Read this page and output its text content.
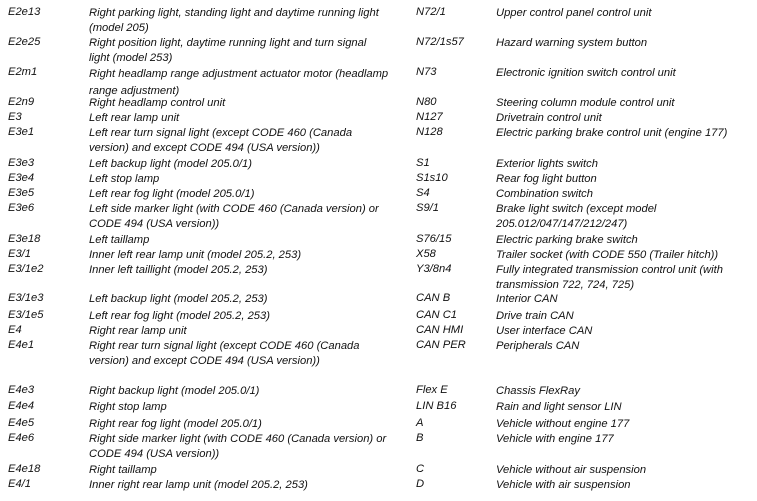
E2e13	Right parking light, standing light and daytime running light (model 205)
E2e25	Right position light, daytime running light and turn signal light (model 253)
E2m1	Right headlamp range adjustment actuator motor (headlamp range adjustment)
E2n9	Right headlamp control unit
E3	Left rear lamp unit
E3e1	Left rear turn signal light (except CODE 460 (Canada version) and except CODE 494 (USA version))
E3e3	Left backup light (model 205.0/1)
E3e4	Left stop lamp
E3e5	Left rear fog light (model 205.0/1)
E3e6	Left side marker light (with CODE 460 (Canada version) or CODE 494 (USA version))
E3e18	Left taillamp
E3/1	Inner left rear lamp unit (model 205.2, 253)
E3/1e2	Inner left taillight (model 205.2, 253)
E3/1e3	Left backup light (model 205.2, 253)
E3/1e5	Left rear fog light (model 205.2, 253)
E4	Right rear lamp unit
E4e1	Right rear turn signal light (except CODE 460 (Canada version) and except CODE 494 (USA version))
E4e3	Right backup light (model 205.0/1)
E4e4	Right stop lamp
E4e5	Right rear fog light (model 205.0/1)
E4e6	Right side marker light (with CODE 460 (Canada version) or CODE 494 (USA version))
E4e18	Right taillamp
E4/1	Inner right rear lamp unit (model 205.2, 253)
N72/1	Upper control panel control unit
N72/1s57	Hazard warning system button
N73	Electronic ignition switch control unit
N80	Steering column module control unit
N127	Drivetrain control unit
N128	Electric parking brake control unit (engine 177)
S1	Exterior lights switch
S1s10	Rear fog light button
S4	Combination switch
S9/1	Brake light switch (except model 205.012/047/147/212/247)
S76/15	Electric parking brake switch
X58	Trailer socket (with CODE 550 (Trailer hitch))
Y3/8n4	Fully integrated transmission control unit (with transmission 722, 724, 725)
CAN B	Interior CAN
CAN C1	Drive train CAN
CAN HMI	User interface CAN
CAN PER	Peripherals CAN
Flex E	Chassis FlexRay
LIN B16	Rain and light sensor LIN
A	Vehicle without engine 177
B	Vehicle with engine 177
C	Vehicle without air suspension
D	Vehicle with air suspension
